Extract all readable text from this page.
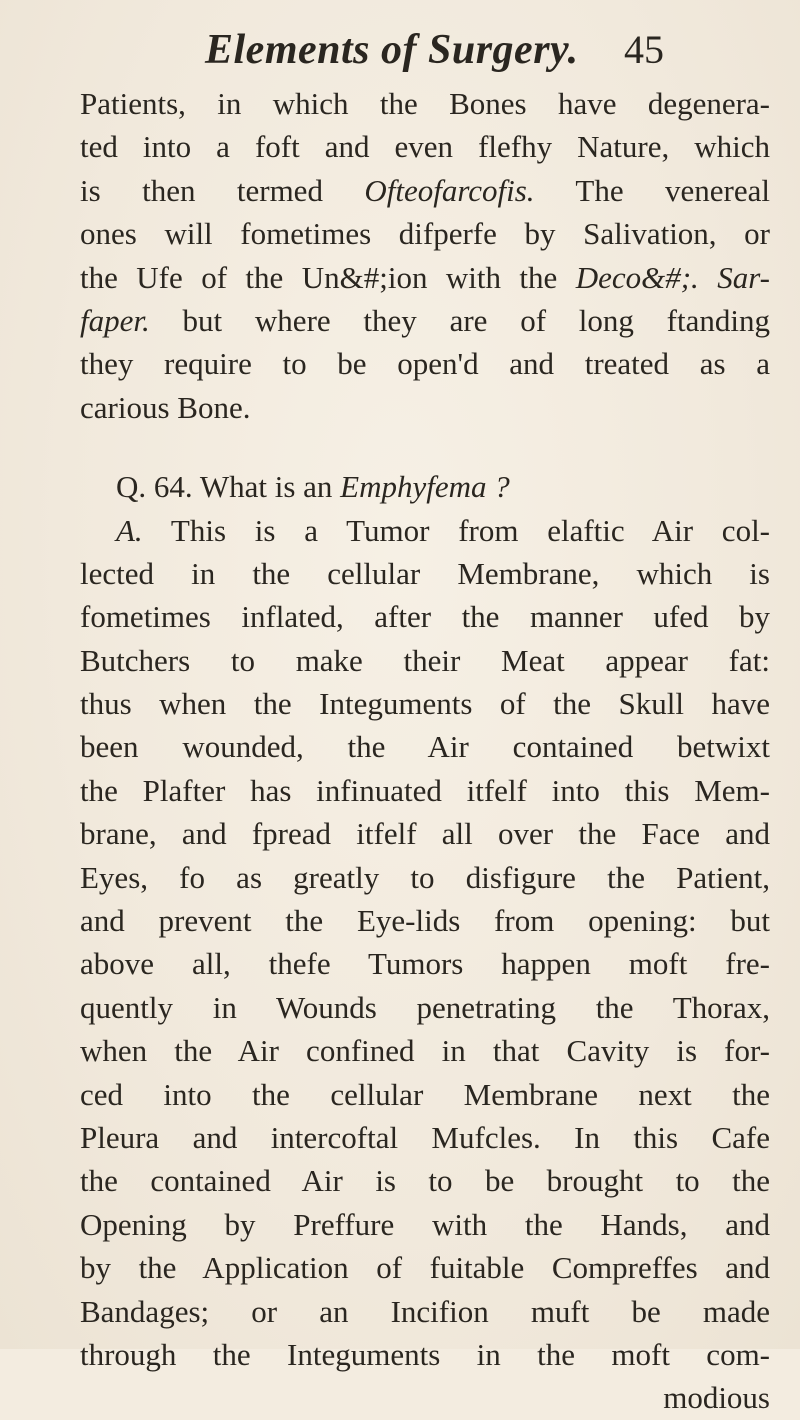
Elements of Surgery. 45
Patients, in which the Bones have degenera-
ted into a foft and even flefhy Nature, which
is then termed Ofteofarcofis. The venereal
ones will fometimes difperfe by Salivation, or
the Ufe of the Un&#;ion with the Deco&#;. Sar-
faper. but where they are of long ftanding
they require to be open'd and treated as a
carious Bone.
Q. 64. What is an Emphyfema ?
A. This is a Tumor from elaftic Air col-
lected in the cellular Membrane, which is
fometimes inflated, after the manner ufed by
Butchers to make their Meat appear fat:
thus when the Integuments of the Skull have
been wounded, the Air contained betwixt
the Plafter has infinuated itfelf into this Mem-
brane, and fpread itfelf all over the Face and
Eyes, fo as greatly to disfigure the Patient,
and prevent the Eye-lids from opening: but
above all, thefe Tumors happen moft fre-
quently in Wounds penetrating the Thorax,
when the Air confined in that Cavity is for-
ced into the cellular Membrane next the
Pleura and intercoftal Mufcles. In this Cafe
the contained Air is to be brought to the
Opening by Preffure with the Hands, and
by the Application of fuitable Compreffes and
Bandages; or an Incifion muft be made
through the Integuments in the moft com-
modious
